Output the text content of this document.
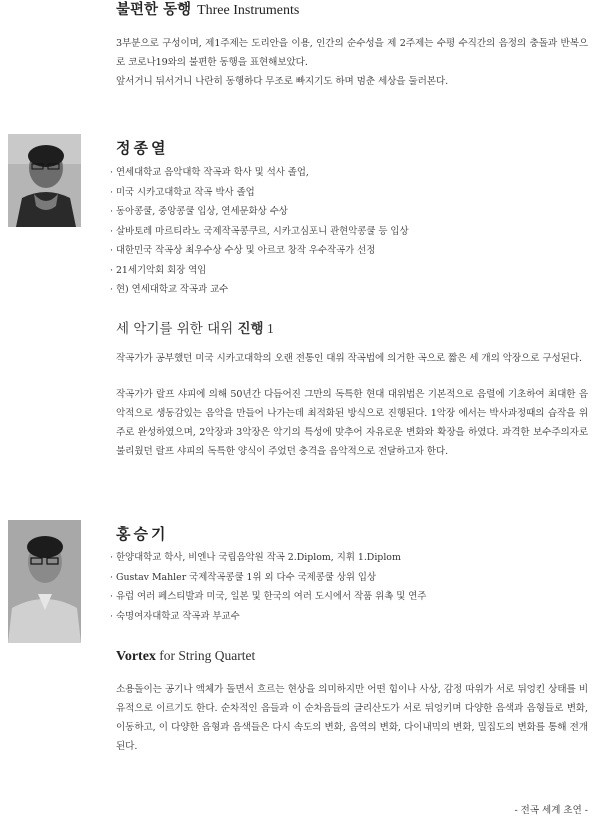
불편한 동행 Three Instruments

3부분으로 구성이며, 제1주제는 도리안을 이용, 인간의 순수성을 제 2주제는 수평 수직간의 음정의 충돌과 반복으로 코로나19와의 불편한 동행을 표현해보았다.

앞서거니 뒤서거니 나란히 동행하다 무조로 빠지기도 하며 멈춘 세상을 둘러본다.

정종열
· 연세대학교 음악대학 작곡과 학사 및 석사 졸업,
· 미국 시카고대학교 작곡 박사 졸업
· 동아콩쿨, 중앙콩쿨 입상, 연세문화상 수상
· 살바토레 마르티라노 국제작곡콩쿠르, 시카고심포니 관현악콩쿨 등 입상
· 대한민국 작곡상 최우수상 수상 및 아르코 창작 우수작곡가 선정
· 21세기악회 회장 역임
· 현) 연세대학교 작곡과 교수
세 악기를 위한 대위 진행 1

작곡가가 공부했던 미국 시카고대학의 오랜 전통인 대위 작곡법에 의거한 곡으로 짧은 세 개의 악장으로 구성된다.

작곡가가 랄프 샤피에 의해 50년간 다듬어진 그만의 독특한 현대 대위법은 기본적으로 음렬에 기초하여 최대한 음악적으로 생동감있는 음악을 만들어 나가는데 최적화된 방식으로 진행된다. 1악장 에서는 박사과정때의 습작을 위주로 완성하였으며, 2악장과 3악장은 악기의 특성에 맞추어 자유로운 변화와 확장을 하였다. 과격한 보수주의자로 불리웠던 랄프 샤피의 독특한 양식이 주었던 충격을 음악적으로 전달하고자 한다.

홍승기
· 한양대학교 학사, 비엔나 국립음악원 작곡 2.Diplom, 지휘 1.Diplom
· Gustav Mahler 국제작곡콩쿨 1위 외 다수 국제콩쿨 상위 입상
· 유럽 여러 페스티발과 미국, 일본 및 한국의 여러 도시에서 작품 위촉 및 연주
· 숙명여자대학교 작곡과 부교수
Vortex for String Quartet

소용돌이는 공기나 액체가 돌면서 흐르는 현상을 의미하지만 어떤 힘이나 사상, 감정 따위가 서로 뒤엉킨 상태를 비유적으로 이르기도 한다. 순차적인 음들과 이 순차음들의 글리산도가 서로 뒤엉키며 다양한 음색과 음형들로 변화, 이동하고, 이 다양한 음형과 음색들은 다시 속도의 변화, 음역의 변화, 다이내믹의 변화, 밀집도의 변화를 통해 전개된다.

- 전곡 세계 초연 -
